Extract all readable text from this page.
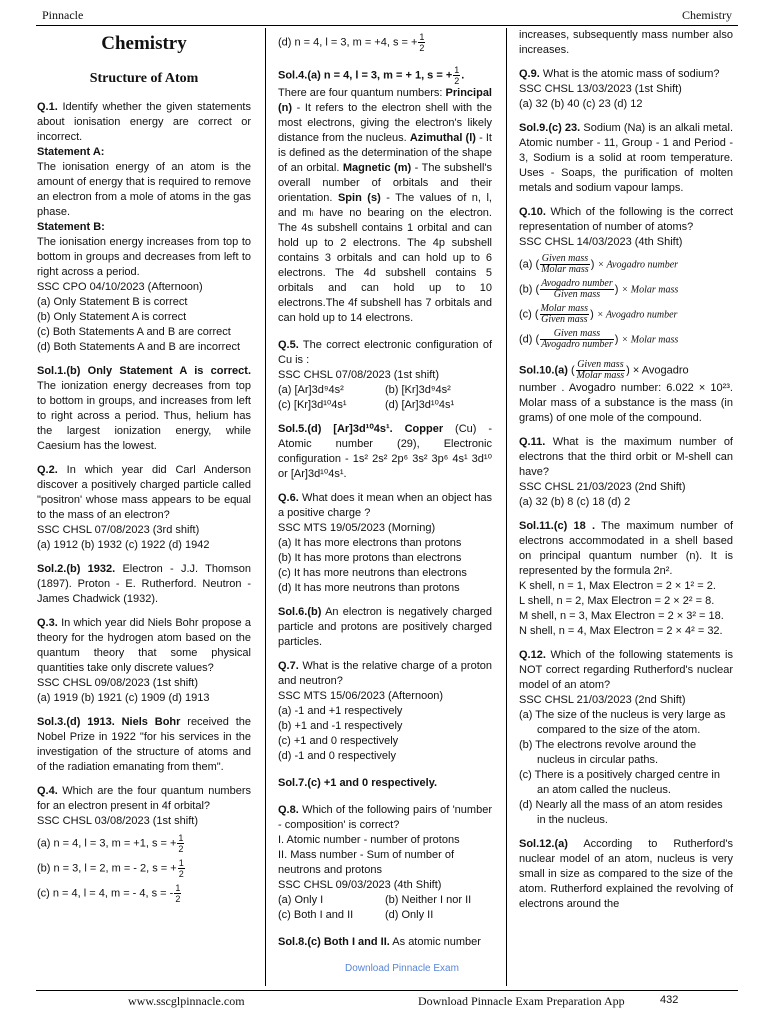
Pinnacle	Chemistry
Chemistry
Structure of Atom

Q.1. Identify whether the given statements about ionisation energy are correct or incorrect.

Statement A:

The ionisation energy of an atom is the amount of energy that is required to remove an electron from a mole of atoms in the gas phase.

Statement B:

The ionisation energy increases from top to bottom in groups and decreases from left to right across a period.

SSC CPO 04/10/2023 (Afternoon)

(a) Only Statement B is correct

(b) Only Statement A is correct

(c) Both Statements A and B are correct

(d) Both Statements A and B are incorrect

Sol.1.(b) Only Statement A is correct. The ionization energy decreases from top to bottom in groups, and increases from left to right across a period. Thus, helium has the largest ionization energy, while Caesium has the lowest.

Q.2. In which year did Carl Anderson discover a positively charged particle called "positron' whose mass appears to be equal to the mass of an electron?

SSC CHSL 07/08/2023 (3rd shift)

(a) 1912 (b) 1932 (c) 1922 (d) 1942

Sol.2.(b) 1932. Electron - J.J. Thomson (1897). Proton - E. Rutherford. Neutron - James Chadwick (1932).

Q.3. In which year did Niels Bohr propose a theory for the hydrogen atom based on the quantum theory that some physical quantities take only discrete values?

SSC CHSL 09/08/2023 (1st shift)

(a) 1919 (b) 1921 (c) 1909 (d) 1913

Sol.3.(d) 1913. Niels Bohr received the Nobel Prize in 1922 "for his services in the investigation of the structure of atoms and of the radiation emanating from them".

Q.4. Which are the four quantum numbers for an electron present in 4f orbital?

SSC CHSL 03/08/2023 (1st shift)

(a) n = 4, l = 3, m = +1, s = + $\frac{1}{2}$

(b) n = 3, l = 2, m = - 2, s = + $\frac{1}{2}$

(c) n = 4, l = 4, m = - 4, s = - $\frac{1}{2}$

(d) n = 4, l = 3, m = +4, s = + $\frac{1}{2}$

Sol.4.(a) n = 4, l = 3, m = + 1, s = + $\frac{1}{2}$ .

There are four quantum numbers: Principal (n) - It refers to the electron shell with the most electrons, giving the electron's likely distance from the nucleus. Azimuthal (l) - It is defined as the determination of the shape of an orbital. Magnetic (m) - The subshell's overall number of orbitals and their orientation. Spin (s) - The values of n, l, and mₗ have no bearing on the electron. The 4s subshell contains 1 orbital and can hold up to 2 electrons. The 4p subshell contains 3 orbitals and can hold up to 6 electrons. The 4d subshell contains 5 orbitals and can hold up to 10 electrons.The 4f subshell has 7 orbitals and can hold up to 14 electrons.

Q.5. The correct electronic configuration of Cu is :

SSC CHSL 07/08/2023 (1st shift)

(a) [Ar]3d⁹4s²	(b) [Kr]3d⁹4s²

(c) [Kr]3d¹⁰4s¹	(d) [Ar]3d¹⁰4s¹

Sol.5.(d) [Ar]3d¹⁰4s¹. Copper (Cu) - Atomic number (29), Electronic configuration - 1s² 2s² 2p⁶ 3s² 3p⁶ 4s¹ 3d¹⁰ or [Ar]3d¹⁰4s¹.

Q.6. What does it mean when an object has a positive charge ?

SSC MTS 19/05/2023 (Morning)

(a) It has more electrons than protons

(b) It has more protons than electrons

(c) It has more neutrons than electrons

(d) It has more neutrons than protons

Sol.6.(b) An electron is negatively charged particle and protons are positively charged particles.

Q.7. What is the relative charge of a proton and neutron?

SSC MTS 15/06/2023 (Afternoon)

(a) -1 and +1 respectively

(b) +1 and -1 respectively

(c) +1 and 0 respectively

(d) -1 and 0 respectively

Sol.7.(c) +1 and 0 respectively.

Q.8. Which of the following pairs of 'number - composition' is correct?

I. Atomic number - number of protons

II. Mass number - Sum of number of neutrons and protons

SSC CHSL 09/03/2023 (4th Shift)

(a) Only I	(b) Neither I nor II

(c) Both I and II	(d) Only II

Sol.8.(c) Both I and II. As atomic number

increases, subsequently mass number also increases.

Q.9. What is the atomic mass of sodium?

SSC CHSL 13/03/2023 (1st Shift)

(a) 32 (b) 40 (c) 23 (d) 12

Sol.9.(c) 23. Sodium (Na) is an alkali metal. Atomic number - 11, Group - 1 and Period - 3, Sodium is a solid at room temperature. Uses - Soaps, the purification of molten metals and sodium vapour lamps.

Q.10. Which of the following is the correct representation of number of atoms?

SSC CHSL 14/03/2023 (4th Shift)

(a) ( $\frac{\text{Given mass}}{\text{Molar mass}}$ ) × Avogadro number

(b) ( $\frac{\text{Avogadro number}}{\text{Given mass}}$ ) × Molar mass

(c) ( $\frac{\text{Molar mass}}{\text{Given mass}}$ ) × Avogadro number

(d) ( $\frac{\text{Given mass}}{\text{Avogadro number}}$ ) × Molar mass

Sol.10.(a) ( $\frac{\text{Given mass}}{\text{Molar mass}}$ ) × Avogadro

number . Avogadro number: 6.022 × 10²³. Molar mass of a substance is the mass (in grams) of one mole of the compound.

Q.11. What is the maximum number of electrons that the third orbit or M-shell can have?

SSC CHSL 21/03/2023 (2nd Shift)

(a) 32 (b) 8 (c) 18 (d) 2

Sol.11.(c) 18 . The maximum number of electrons accommodated in a shell based on principal quantum number (n). It is represented by the formula 2n².

K shell, n = 1, Max Electron = 2 × 1² = 2.

L shell, n = 2, Max Electron = 2 × 2² = 8.

M shell, n = 3, Max Electron = 2 × 3² = 18.

N shell, n = 4, Max Electron = 2 × 4² = 32.

Q.12. Which of the following statements is NOT correct regarding Rutherford's nuclear model of an atom?

SSC CHSL 21/03/2023 (2nd Shift)

(a) The size of the nucleus is very large as compared to the size of the atom.

(b) The electrons revolve around the nucleus in circular paths.

(c) There is a positively charged centre in an atom called the nucleus.

(d) Nearly all the mass of an atom resides in the nucleus.

Sol.12.(a) According to Rutherford's nuclear model of an atom, nucleus is very small in size as compared to the size of the atom. Rutherford explained the revolving of electrons around the

Download Pinnacle Exam
www.sscglpinnacle.com	Download Pinnacle Exam Preparation App	432
